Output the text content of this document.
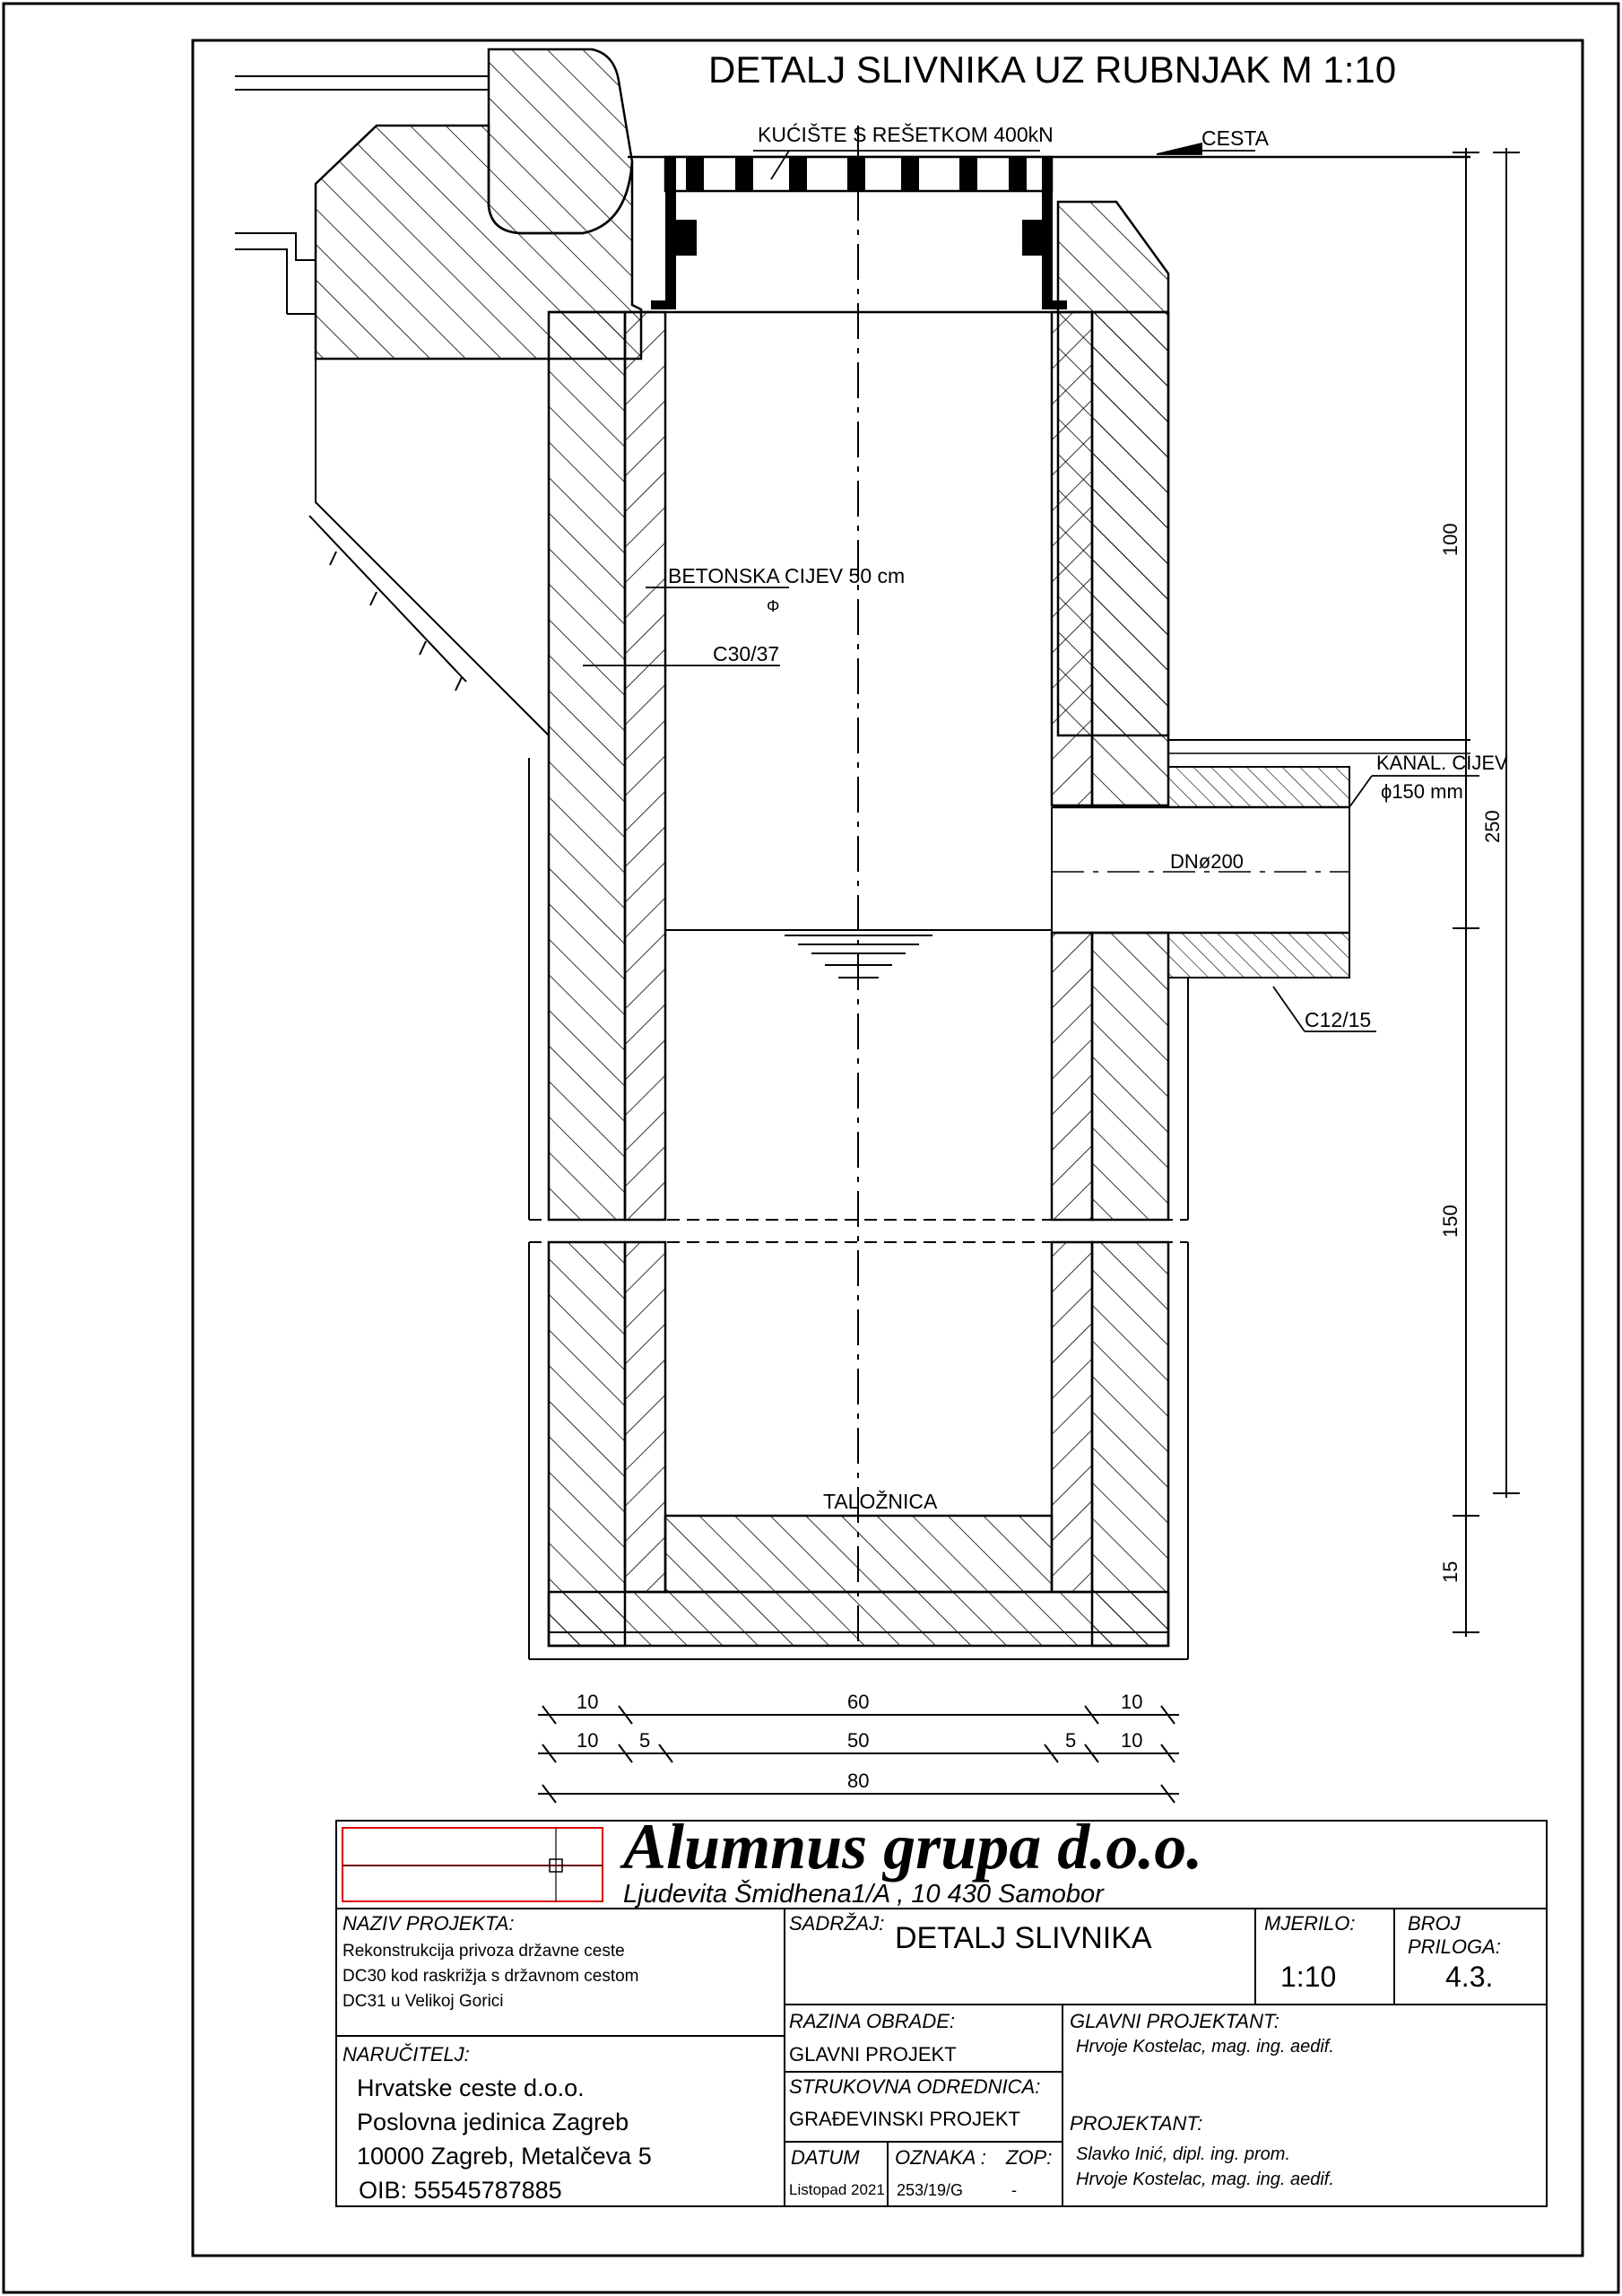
DETALJ SLIVNIKA UZ RUBNJAK M 1:10
KUĆIŠTE S REŠETKOM 400kN	CESTA
BETONSKA CIJEV 50 cm
Φ
C30/37
KANAL. CIJEV
ϕ150 mm
DNø200
C12/15
TALOŽNICA
100
250
150
15
10	60	10
10 5	50	5 10
80
Alumnus grupa d.o.o.
Ljudevita Šmidhena1/A , 10 430 Samobor
NAZIV PROJEKTA:
Rekonstrukcija privoza državne ceste
DC30 kod raskrižja s državnom cestom
DC31 u Velikoj Gorici
NARUČITELJ:
Hrvatske ceste d.o.o.
Poslovna jedinica Zagreb
10000 Zagreb, Metalčeva 5
OIB: 55545787885
SADRŽAJ: DETALJ SLIVNIKA	MJERILO:
1:10
BROJ
PRILOGA:
4.3.
RAZINA OBRADE:
GLAVNI PROJEKT
STRUKOVNA ODREDNICA:
GRAĐEVINSKI PROJEKT
DATUM
Listopad 2021
OZNAKA :
253/19/G
ZOP:
-
GLAVNI PROJEKTANT:
Hrvoje Kostelac, mag. ing. aedif.
PROJEKTANT:
Slavko Inić, dipl. ing. prom.
Hrvoje Kostelac, mag. ing. aedif.
